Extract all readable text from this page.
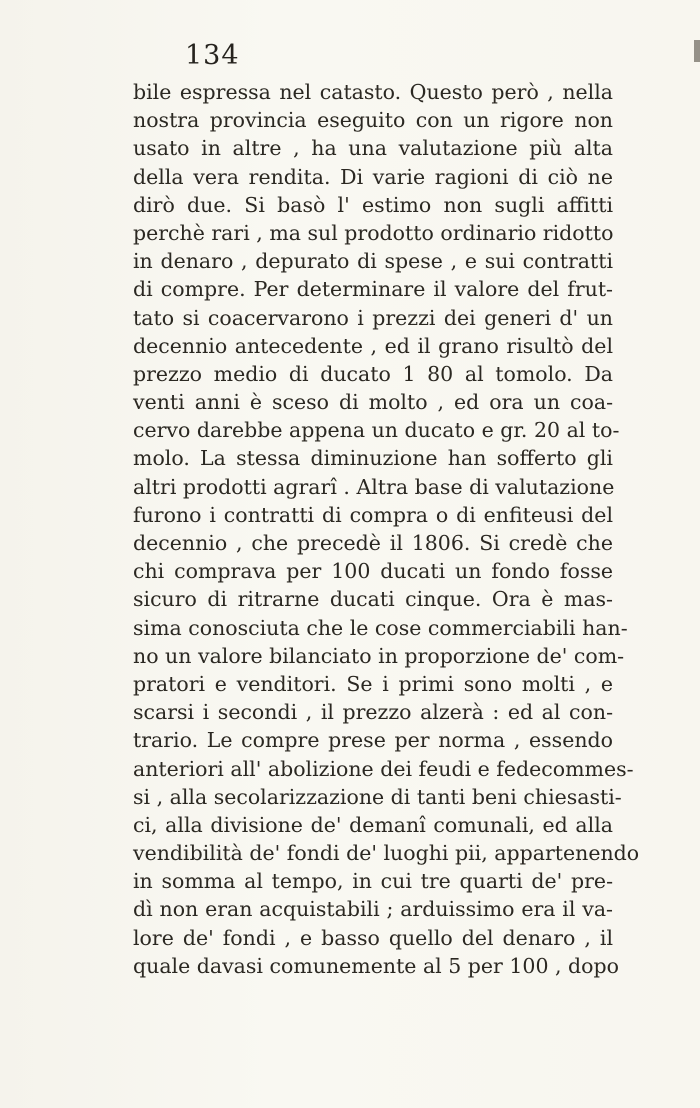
134
bile espressa nel catasto. Questo però , nella
nostra provincia eseguito con un rigore non
usato in altre , ha una valutazione più alta
della vera rendita. Di varie ragioni di ciò ne
dirò due. Si basò l' estimo non sugli affitti
perchè rari , ma sul prodotto ordinario ridotto
in denaro , depurato di spese , e sui contratti
di compre. Per determinare il valore del frut-
tato si coacervarono i prezzi dei generi d' un
decennio antecedente , ed il grano risultò del
prezzo medio di ducato 1 80 al tomolo. Da
venti anni è sceso di molto , ed ora un coa-
cervo darebbe appena un ducato e gr. 20 al to-
molo. La stessa diminuzione han sofferto gli
altri prodotti agrarî . Altra base di valutazione
furono i contratti di compra o di enfiteusi del
decennio , che precedè il 1806. Si credè che
chi comprava per 100 ducati un fondo fosse
sicuro di ritrarne ducati cinque. Ora è mas-
sima conosciuta che le cose commerciabili han-
no un valore bilanciato in proporzione de' com-
pratori e venditori. Se i primi sono molti , e
scarsi i secondi , il prezzo alzerà : ed al con-
trario. Le compre prese per norma , essendo
anteriori all' abolizione dei feudi e fedecommes-
si , alla secolarizzazione di tanti beni chiesasti-
ci, alla divisione de' demanî comunali, ed alla
vendibilità de' fondi de' luoghi pii, appartenendo
in somma al tempo, in cui tre quarti de' pre-
dì non eran acquistabili ; arduissimo era il va-
lore de' fondi , e basso quello del denaro , il
quale davasi comunemente al 5 per 100 , dopo
